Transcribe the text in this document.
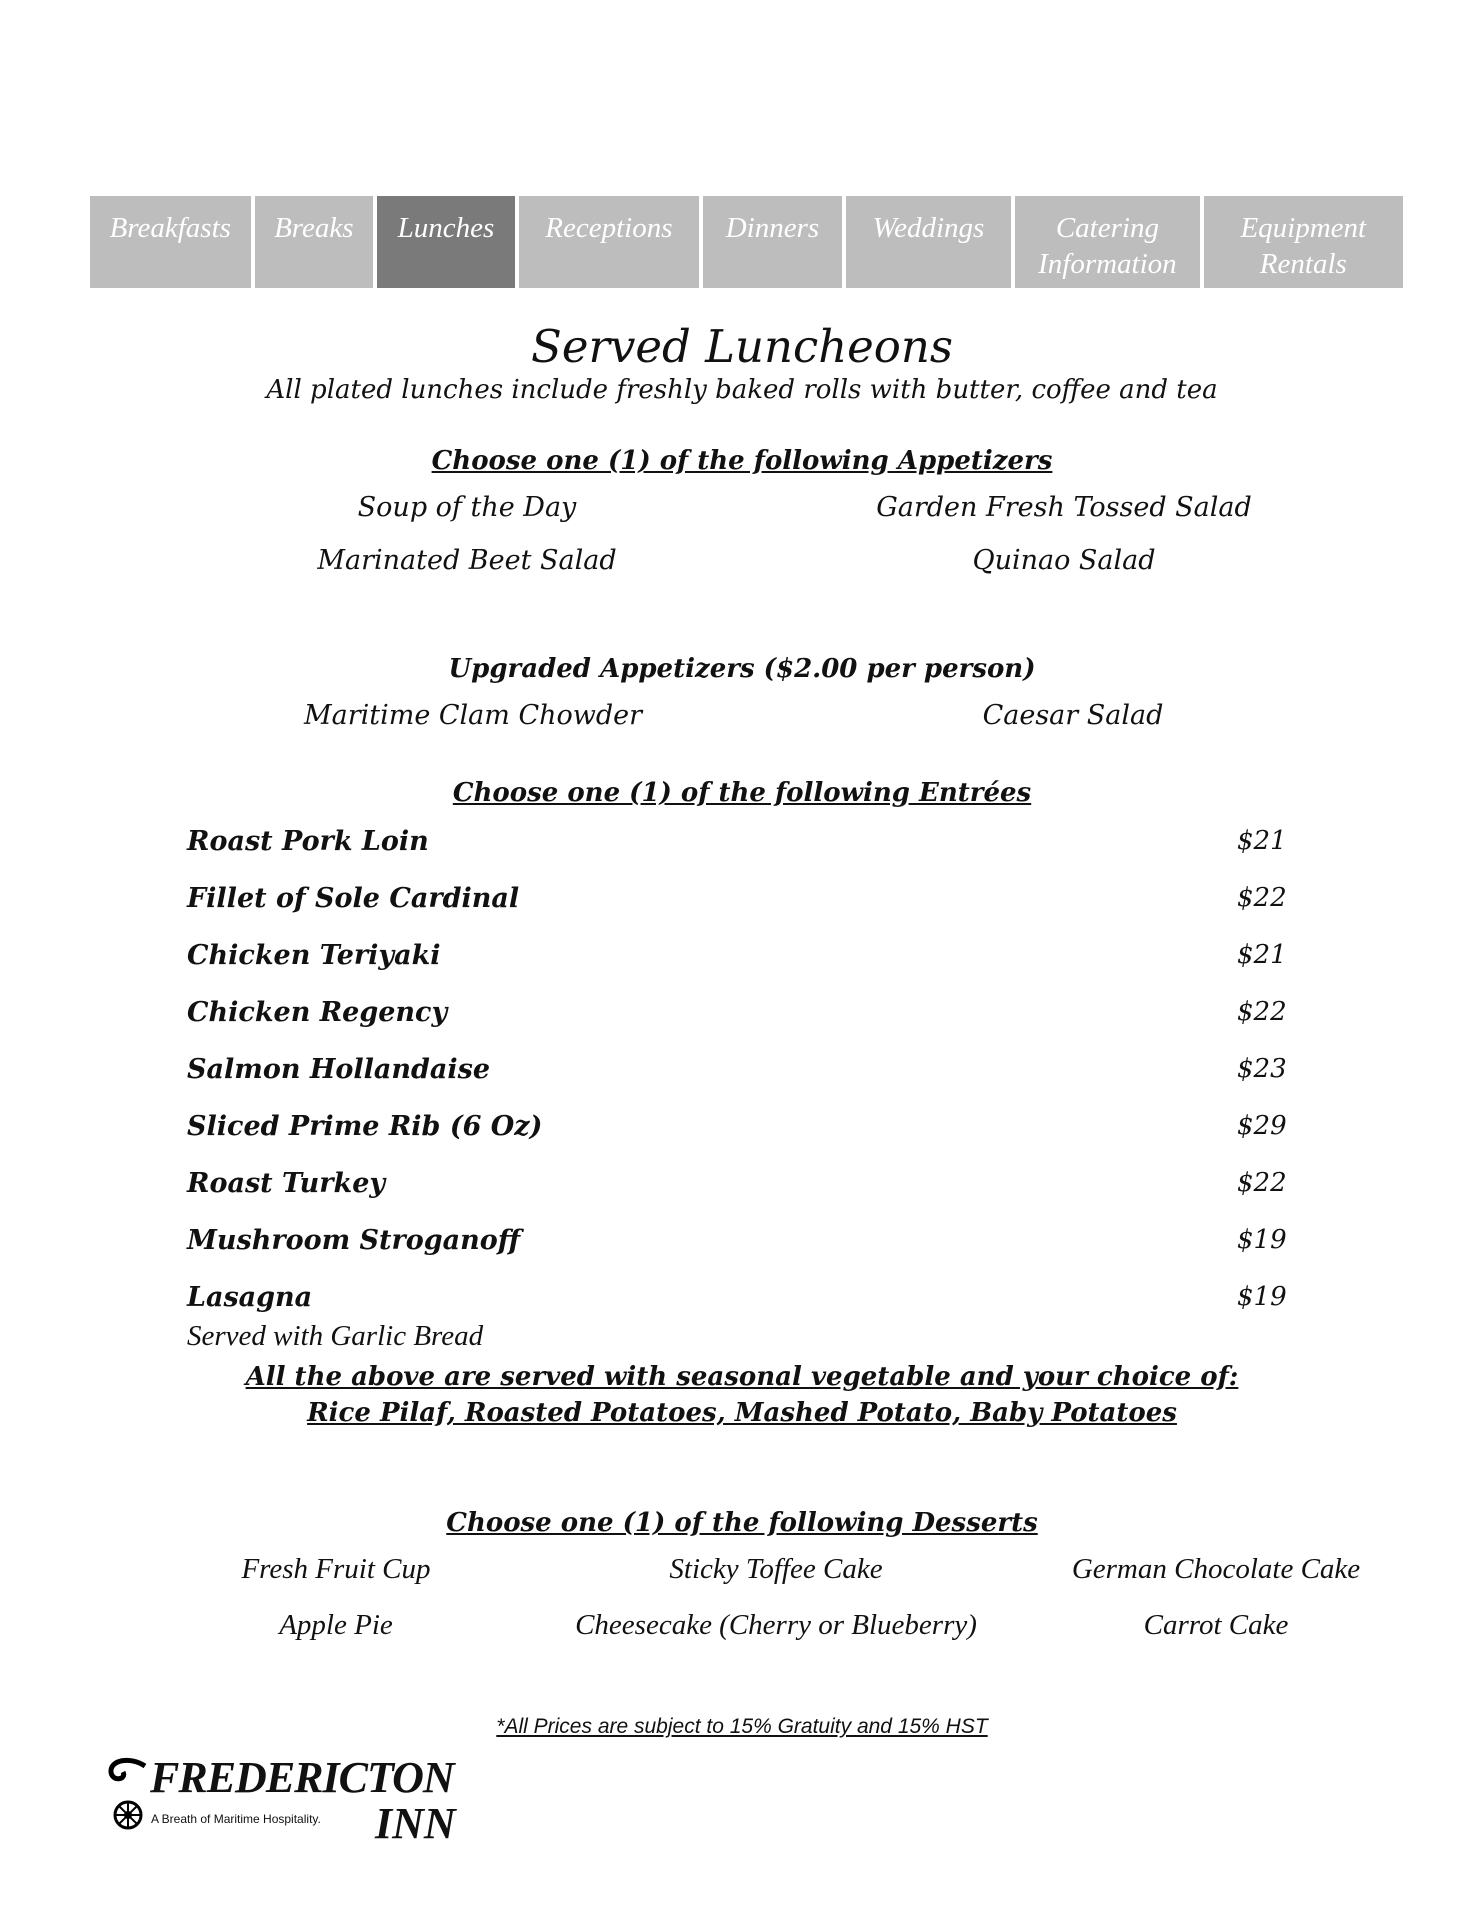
Breakfasts Breaks Lunches Receptions Dinners Weddings	Catering
Information
Equipment
Rentals
Served Luncheons
All plated lunches include freshly baked rolls with butter, coffee and tea
Choose one (1) of the following Appetizers
Soup of the Day	Garden Fresh Tossed Salad
Marinated Beet Salad	Quinao Salad
Upgraded Appetizers ($2.00 per person)
Maritime Clam Chowder	Caesar Salad
Choose one (1) of the following Entrées
Roast Pork Loin	$21
Fillet of Sole Cardinal	$22
Chicken Teriyaki	$21
Chicken Regency	$22
Salmon Hollandaise	$23
Sliced Prime Rib (6 Oz)	$29
Roast Turkey	$22
Mushroom Stroganoff	$19
Lasagna	$19
Served with Garlic Bread
All the above are served with seasonal vegetable and your choice of:
Rice Pilaf, Roasted Potatoes, Mashed Potato, Baby Potatoes
Choose one (1) of the following Desserts
Fresh Fruit Cup	Sticky Toffee Cake	German Chocolate Cake
Apple Pie	Cheesecake (Cherry or Blueberry)	Carrot Cake
*All Prices are subject to 15% Gratuity and 15% HST
FREDERICTON
INN
A Breath of Maritime Hospitality.
